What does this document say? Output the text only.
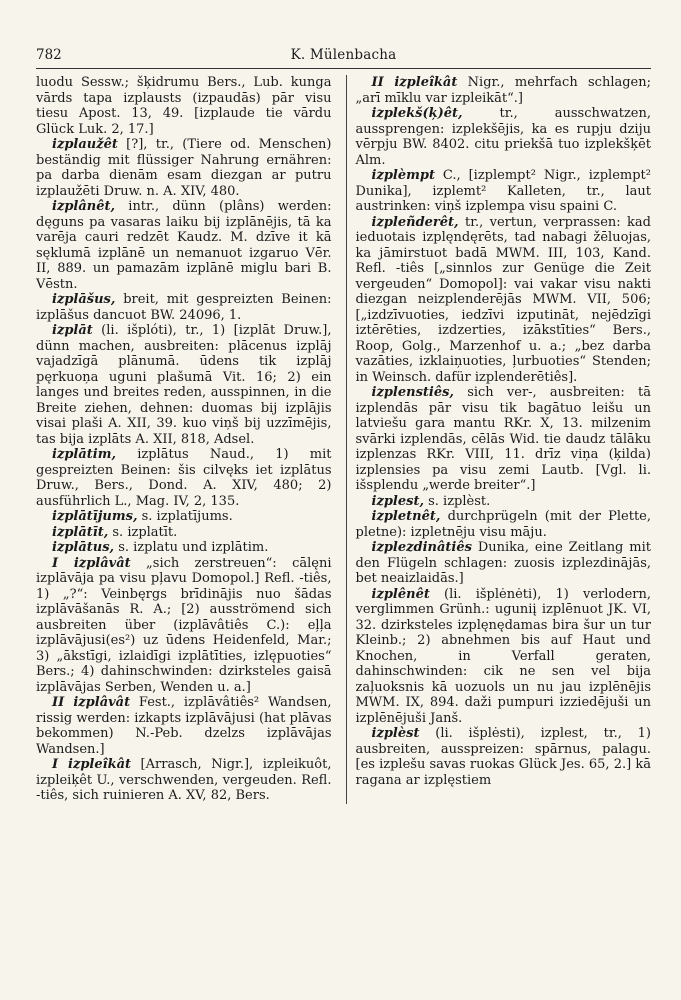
782	K. Mülenbacha

luodu Sessw.; šķidrumu Bers., Lub. kunga vārds tapa izplausts (izpaudās) pār visu tiesu Apost. 13, 49. [izplaude tie vārdu Glück Luk. 2, 17.]

izplaužêt [?], tr., (Tiere od. Menschen) beständig mit flüssiger Nahrung ernähren: pa darba dienām esam diezgan ar putru izplaužēti Druw. n. A. XIV, 480.

izplânêt, intr., dünn (plâns) werden: dęguns pa vasaras laiku bij izplānējis, tā ka varēja cauri redzēt Kaudz. M. dzīve it kā sęklumā izplānē un nemanuot izgaruo Vēr. II, 889. un pamazām izplānē miglu bari B. Vēstn.

izplāšus, breit, mit gespreizten Beinen: izplāšus dancuot BW. 24096, 1.

izplāt (li. išplóti), tr., 1) [izplāt Druw.], dünn machen, ausbreiten: plācenus izplāj vajadzīgā plānumā. ūdens tik izplāj pęrkuoņa uguni plašumā Vit. 16; 2) ein langes und breites reden, ausspinnen, in die Breite ziehen, dehnen: duomas bij izplājis visai plaši A. XII, 39. kuo viņš bij uzzīmējis, tas bija izplāts A. XII, 818, Adsel.

izplātim, izplātus Naud., 1) mit gespreizten Beinen: šis cilvęks iet izplātus Druw., Bers., Dond. A. XIV, 480; 2) ausführlich L., Mag. IV, 2, 135.

izplātījums, s. izplatījums.

izplātīt, s. izplatīt.

izplātus, s. izplatu und izplātim.

I izplâvât „sich zerstreuen“: cālęni izplāvāja pa visu pļavu Domopol.] Refl. -tiês, 1) „?“: Veinbęrgs brīdinājis nuo šādas izplāvāšanās R. A.; [2) ausströmend sich ausbreiten über (izplāvâtiês C.): eļļa izplāvājusi(es²) uz ūdens Heidenfeld, Mar.; 3) „ākstīgi, izlaidīgi izplātīties, izlępuoties“ Bers.; 4) dahinschwinden: dzirksteles gaisā izplāvājas Serben, Wenden u. a.]

II izplâvât Fest., izplāvâtiês² Wandsen, rissig werden: izkapts izplāvājusi (hat plāvas bekommen) N.-Peb. dzelzs izplāvājas Wandsen.]

I izpleîkât [Arrasch, Nigr.], izpleikuôt, izpleiķêt U., verschwenden, vergeuden. Refl. -tiês, sich ruinieren A. XV, 82, Bers.

II izpleîkât Nigr., mehrfach schlagen; „arī mīklu var izpleikāt“.]

izplekš(ķ)êt, tr., ausschwatzen, aussprengen: izplekšējis, ka es rupju dziju vērpju BW. 8402. citu priekšā tuo izplekšķēt Alm.

izplèmpt C., [izplempt² Nigr., izplempt² Dunika], izplemt² Kalleten, tr., laut austrinken: viņš izplempa visu spaini C.

izpleñderêt, tr., vertun, verprassen: kad ieduotais izplęndęrēts, tad nabagi žēluojas, ka jāmirstuot badā MWM. III, 103, Kand. Refl. -tiês [„sinnlos zur Genüge die Zeit vergeuden“ Domopol]: vai vakar visu nakti diezgan neizplenderējās MWM. VII, 506; [„izdzīvuoties, iedzīvi izputināt, nejēdzīgi iztērēties, izdzerties, izākstīties“ Bers., Roop, Golg., Marzenhof u. a.; „bez darba vazāties, izklaiņuoties, ļurbuoties“ Stenden; in Weinsch. dafür izplenderētiês].

izplenstiês, sich ver-, ausbreiten: tā izplendās pār visu tik bagātuo leišu un latviešu gara mantu RKr. X, 13. milzenim svārki izplendās, cēlās Wid. tie daudz tālāku izplenzas RKr. VIII, 11. drīz viņa (ķilda) izplensies pa visu zemi Lautb. [Vgl. li. išsplendu „werde breiter“.]

izplest, s. izplèst.

izpletnêt, durchprügeln (mit der Plette, pletne): izpletnēju visu māju.

izplezdinâtiês Dunika, eine Zeitlang mit den Flügeln schlagen: zuosis izplezdinājās, bet neaizlaidās.]

izplênêt (li. išplėnėti), 1) verlodern, verglimmen Grünh.: uguniį izplēnuot JK. VI, 32. dzirksteles izplęnędamas bira šur un tur Kleinb.; 2) abnehmen bis auf Haut und Knochen, in Verfall geraten, dahinschwinden: cik ne sen vel bija zaļuoksnis kā uozuols un nu jau izplēnējis MWM. IX, 894. daži pumpuri izziedējuši un izplēnējuši Janš.

izplèst (li. išplėsti), izplest, tr., 1) ausbreiten, ausspreizen: spārnus, palagu. [es izplešu savas ruokas Glück Jes. 65, 2.] kā ragana ar izplęstiem
